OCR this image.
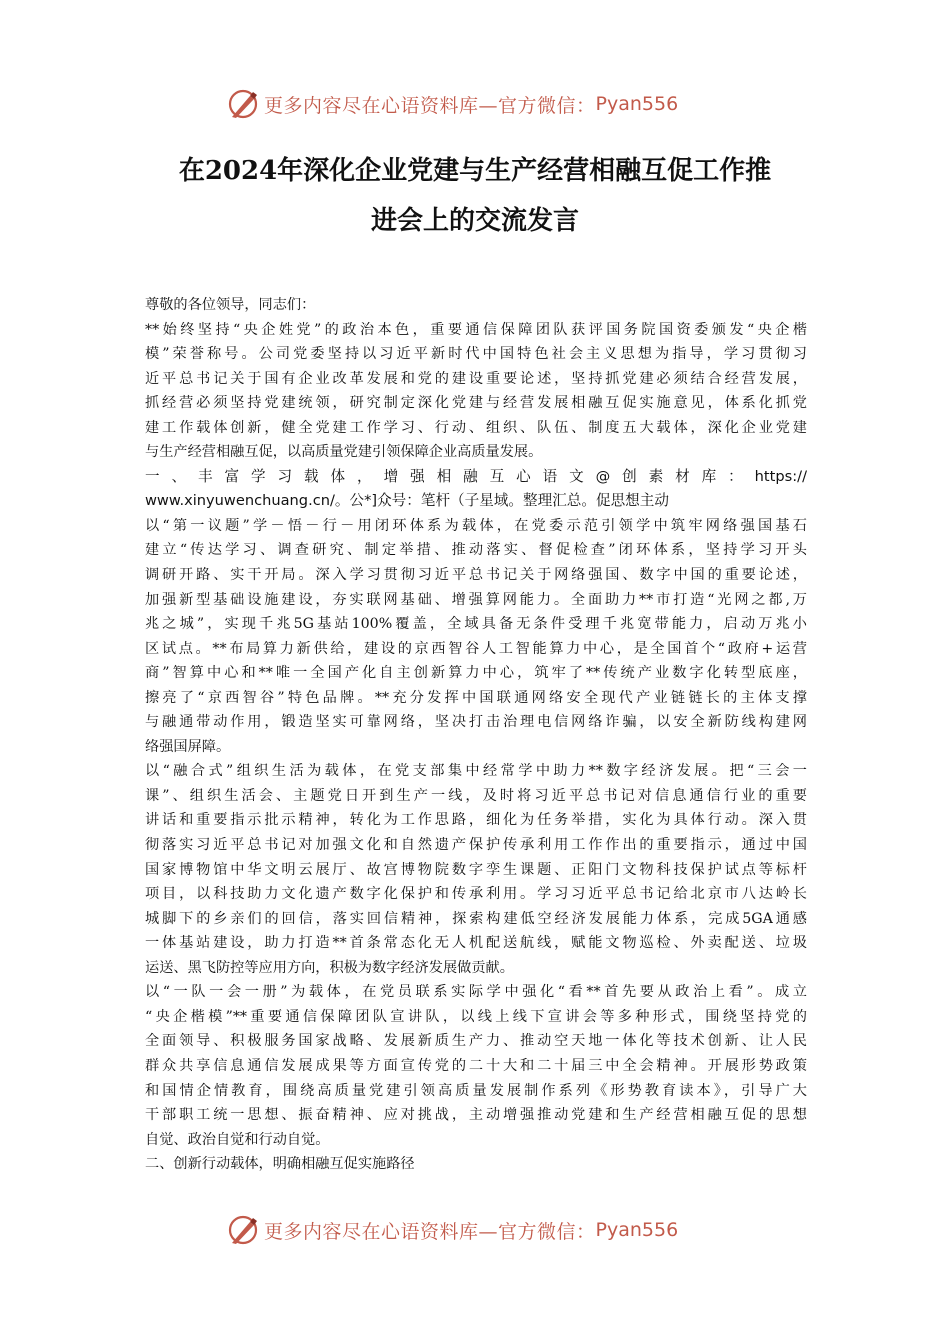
更多内容尽在心语资料库—官方微信： Pyan556
在2024年深化企业党建与生产经营相融互促工作推
进会上的交流发言
尊敬的各位领导，同志们：
**始终坚持“央企姓党”的政治本色，重要通信保障团队获评国务院国资委颁发“央企楷
模”荣誉称号。公司党委坚持以习近平新时代中国特色社会主义思想为指导，学习贯彻习
近平总书记关于国有企业改革发展和党的建设重要论述，坚持抓党建必须结合经营发展，
抓经营必须坚持党建统领，研究制定深化党建与经营发展相融互促实施意见，体系化抓党
建工作载体创新，健全党建工作学习、行动、组织、队伍、制度五大载体，深化企业党建
与生产经营相融互促，以高质量党建引领保障企业高质量发展。
一、丰富学习载体，增强相融互心语文@创素材库：https://
www.xinyuwenchuang.cn/。公*]众号：笔杆（子星域。整理汇总。促思想主动
以“第一议题”学－悟－行－用闭环体系为载体，在党委示范引领学中筑牢网络强国基石
建立“传达学习、调查研究、制定举措、推动落实、督促检查”闭环体系，坚持学习开头
调研开路、实干开局。深入学习贯彻习近平总书记关于网络强国、数字中国的重要论述，
加强新型基础设施建设，夯实联网基础、增强算网能力。全面助力**市打造“光网之都,万
兆之城”，实现千兆5G基站100%覆盖，全域具备无条件受理千兆宽带能力，启动万兆小
区试点。**布局算力新供给，建设的京西智谷人工智能算力中心，是全国首个“政府+运营
商”智算中心和**唯一全国产化自主创新算力中心，筑牢了**传统产业数字化转型底座，
擦亮了“京西智谷”特色品牌。**充分发挥中国联通网络安全现代产业链链长的主体支撑
与融通带动作用，锻造坚实可靠网络，坚决打击治理电信网络诈骗，以安全新防线构建网
络强国屏障。
以“融合式”组织生活为载体，在党支部集中经常学中助力**数字经济发展。把“三会一
课”、组织生活会、主题党日开到生产一线，及时将习近平总书记对信息通信行业的重要
讲话和重要指示批示精神，转化为工作思路，细化为任务举措，实化为具体行动。深入贯
彻落实习近平总书记对加强文化和自然遗产保护传承利用工作作出的重要指示，通过中国
国家博物馆中华文明云展厅、故宫博物院数字孪生课题、正阳门文物科技保护试点等标杆
项目，以科技助力文化遗产数字化保护和传承利用。学习习近平总书记给北京市八达岭长
城脚下的乡亲们的回信，落实回信精神，探索构建低空经济发展能力体系，完成5GA通感
一体基站建设，助力打造**首条常态化无人机配送航线，赋能文物巡检、外卖配送、垃圾
运送、黑飞防控等应用方向，积极为数字经济发展做贡献。
以“一队一会一册”为载体，在党员联系实际学中强化“看**首先要从政治上看”。成立
“央企楷模”**重要通信保障团队宣讲队，以线上线下宣讲会等多种形式，围绕坚持党的
全面领导、积极服务国家战略、发展新质生产力、推动空天地一体化等技术创新、让人民
群众共享信息通信发展成果等方面宣传党的二十大和二十届三中全会精神。开展形势政策
和国情企情教育，围绕高质量党建引领高质量发展制作系列《形势教育读本》，引导广大
干部职工统一思想、振奋精神、应对挑战，主动增强推动党建和生产经营相融互促的思想
自觉、政治自觉和行动自觉。
二、创新行动载体，明确相融互促实施路径
更多内容尽在心语资料库—官方微信： Pyan556
